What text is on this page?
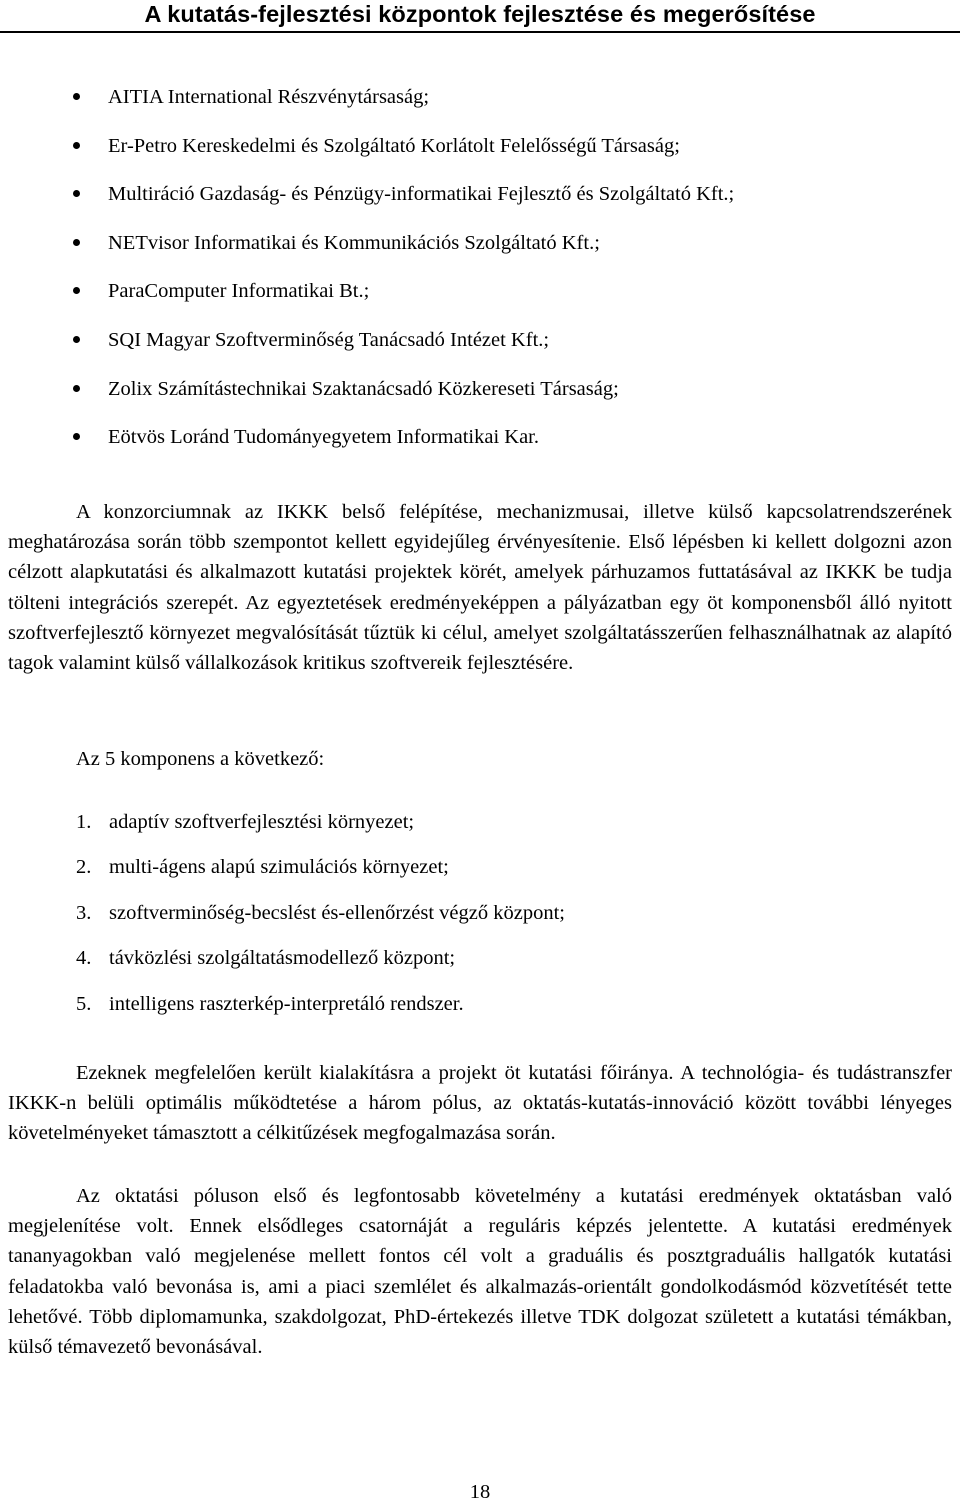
A kutatás-fejlesztési központok fejlesztése és megerősítése
AITIA International Részvénytársaság;
Er-Petro Kereskedelmi és Szolgáltató Korlátolt Felelősségű Társaság;
Multiráció Gazdaság- és Pénzügy-informatikai Fejlesztő és Szolgáltató Kft.;
NETvisor Informatikai és Kommunikációs Szolgáltató Kft.;
ParaComputer Informatikai Bt.;
SQI Magyar Szoftverminőség Tanácsadó Intézet Kft.;
Zolix Számítástechnikai Szaktanácsadó Közkereseti Társaság;
Eötvös Loránd Tudományegyetem Informatikai Kar.

A konzorciumnak az IKKK belső felépítése, mechanizmusai, illetve külső kapcsolatrendszerének meghatározása során több szempontot kellett egyidejűleg érvényesítenie. Első lépésben ki kellett dolgozni azon célzott alapkutatási és alkalmazott kutatási projektek körét, amelyek párhuzamos futtatásával az IKKK be tudja tölteni integrációs szerepét. Az egyeztetések eredményeképpen a pályázatban egy öt komponensből álló nyitott szoftverfejlesztő környezet megvalósítását tűztük ki célul, amelyet szolgáltatásszerűen felhasználhatnak az alapító tagok valamint külső vállalkozások kritikus szoftvereik fejlesztésére.

Az 5 komponens a következő:

1. adaptív szoftverfejlesztési környezet;
2. multi-ágens alapú szimulációs környezet;
3. szoftverminőség-becslést és-ellenőrzést végző központ;
4. távközlési szolgáltatásmodellező központ;
5. intelligens raszterkép-interpretáló rendszer.

Ezeknek megfelelően került kialakításra a projekt öt kutatási főiránya. A technológia- és tudástranszfer IKKK-n belüli optimális működtetése a három pólus, az oktatás-kutatás-innováció között további lényeges követelményeket támasztott a célkitűzések megfogalmazása során.

Az oktatási póluson első és legfontosabb követelmény a kutatási eredmények oktatásban való megjelenítése volt. Ennek elsődleges csatornáját a reguláris képzés jelentette. A kutatási eredmények tananyagokban való megjelenése mellett fontos cél volt a graduális és posztgraduális hallgatók kutatási feladatokba való bevonása is, ami a piaci szemlélet és alkalmazás-orientált gondolkodásmód közvetítését tette lehetővé. Több diplomamunka, szakdolgozat, PhD-értekezés illetve TDK dolgozat született a kutatási témákban, külső témavezető bevonásával.

18
